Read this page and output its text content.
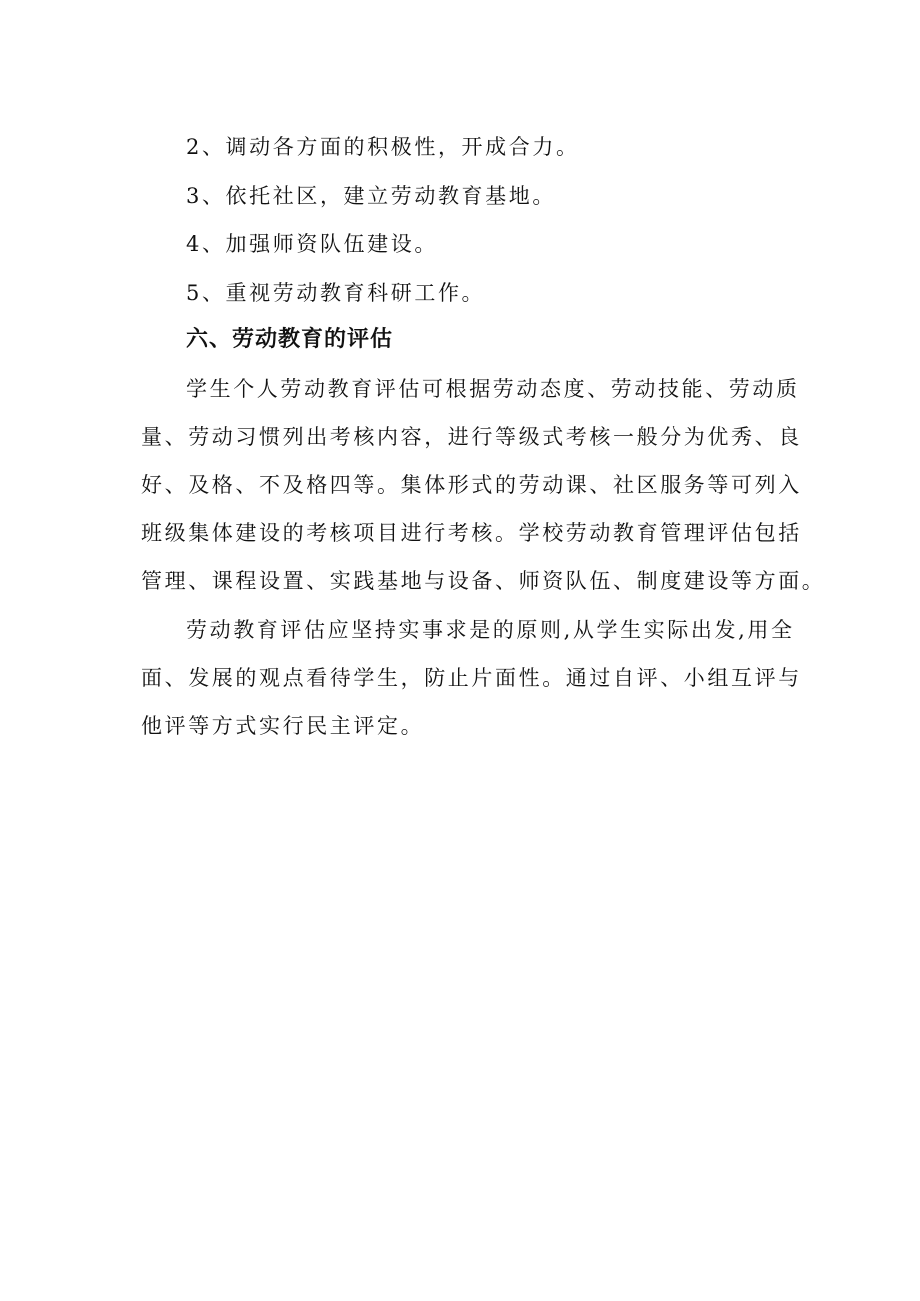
2、调动各方面的积极性，开成合力。
3、依托社区，建立劳动教育基地。
4、加强师资队伍建设。
5、重视劳动教育科研工作。
六、劳动教育的评估
学生个人劳动教育评估可根据劳动态度、劳动技能、劳动质
量、劳动习惯列出考核内容，进行等级式考核一般分为优秀、良
好、及格、不及格四等。集体形式的劳动课、社区服务等可列入
班级集体建设的考核项目进行考核。学校劳动教育管理评估包括
管理、课程设置、实践基地与设备、师资队伍、制度建设等方面。
劳动教育评估应坚持实事求是的原则,从学生实际出发,用全
面、发展的观点看待学生，防止片面性。通过自评、小组互评与
他评等方式实行民主评定。
